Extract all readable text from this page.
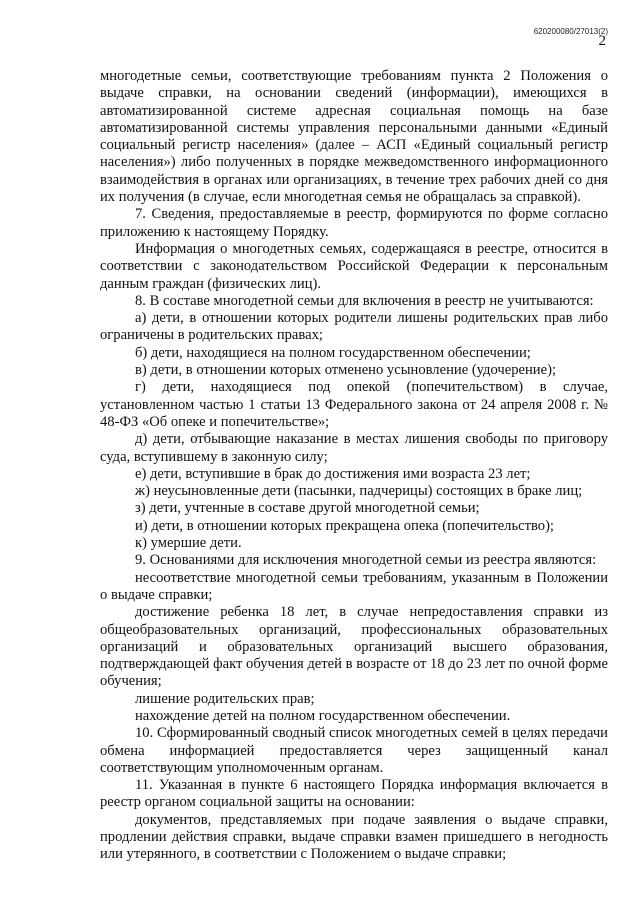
620200080/27013(2)
2

многодетные семьи, соответствующие требованиям пункта 2 Положения о выдаче справки, на основании сведений (информации), имеющихся в автоматизированной системе адресная социальная помощь на базе автоматизированной системы управления персональными данными «Единый социальный регистр населения» (далее – АСП «Единый социальный регистр населения») либо полученных в порядке межведомственного информационного взаимодействия в органах или организациях, в течение трех рабочих дней со дня их получения (в случае, если многодетная семья не обращалась за справкой).

7. Сведения, предоставляемые в реестр, формируются по форме согласно приложению к настоящему Порядку.

Информация о многодетных семьях, содержащаяся в реестре, относится в соответствии с законодательством Российской Федерации к персональным данным граждан (физических лиц).

8. В составе многодетной семьи для включения в реестр не учитываются:

а) дети, в отношении которых родители лишены родительских прав либо ограничены в родительских правах;

б) дети, находящиеся на полном государственном обеспечении;

в) дети, в отношении которых отменено усыновление (удочерение);

г) дети, находящиеся под опекой (попечительством) в случае, установленном частью 1 статьи 13 Федерального закона от 24 апреля 2008 г. № 48-ФЗ «Об опеке и попечительстве»;

д) дети, отбывающие наказание в местах лишения свободы по приговору суда, вступившему в законную силу;

е) дети, вступившие в брак до достижения ими возраста 23 лет;

ж) неусыновленные дети (пасынки, падчерицы) состоящих в браке лиц;

з) дети, учтенные в составе другой многодетной семьи;

и) дети, в отношении которых прекращена опека (попечительство);

к) умершие дети.

9. Основаниями для исключения многодетной семьи из реестра являются:

несоответствие многодетной семьи требованиям, указанным в Положении о выдаче справки;

достижение ребенка 18 лет, в случае непредоставления справки из общеобразовательных организаций, профессиональных образовательных организаций и образовательных организаций высшего образования, подтверждающей факт обучения детей в возрасте от 18 до 23 лет по очной форме обучения;

лишение родительских прав;

нахождение детей на полном государственном обеспечении.

10. Сформированный сводный список многодетных семей в целях передачи обмена информацией предоставляется через защищенный канал соответствующим уполномоченным органам.

11. Указанная в пункте 6 настоящего Порядка информация включается в реестр органом социальной защиты на основании:

документов, представляемых при подаче заявления о выдаче справки, продлении действия справки, выдаче справки взамен пришедшего в негодность или утерянного, в соответствии с Положением о выдаче справки;
